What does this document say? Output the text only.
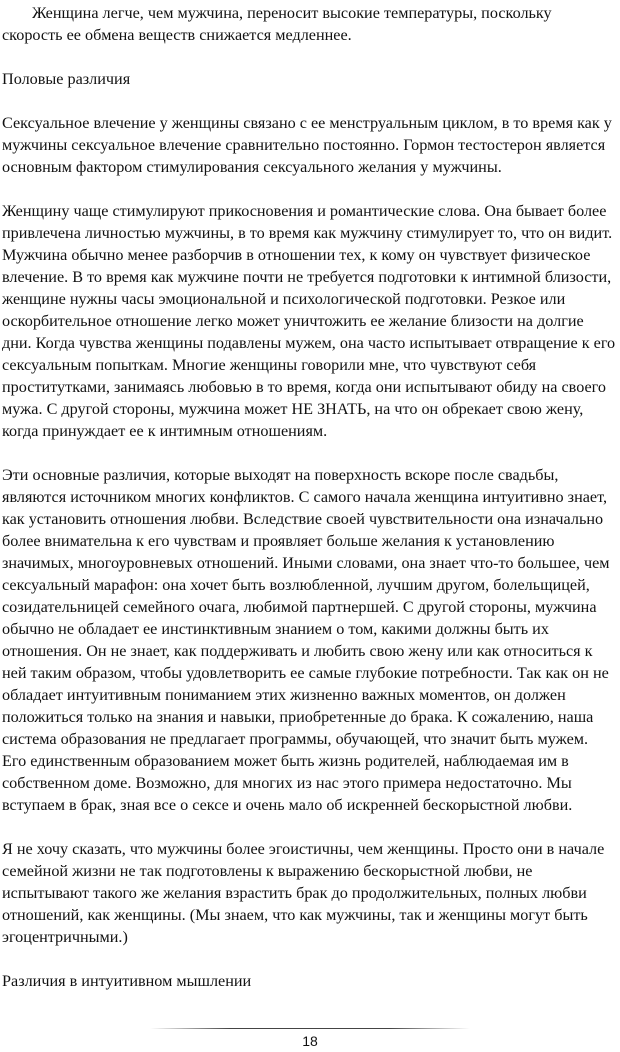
Женщина легче, чем мужчина, переносит высокие температуры, поскольку скорость ее обмена веществ снижается медленнее.

Половые различия

Сексуальное влечение у женщины связано с ее менструальным циклом, в то время как у мужчины сексуальное влечение сравнительно постоянно. Гормон тестостерон является основным фактором стимулирования сексуального желания у мужчины.

Женщину чаще стимулируют прикосновения и романтические слова. Она бывает более привлечена личностью мужчины, в то время как мужчину стимулирует то, что он видит. Мужчина обычно менее разборчив в отношении тех, к кому он чувствует физическое влечение. В то время как мужчине почти не требуется подготовки к интимной близости, женщине нужны часы эмоциональной и психологической подготовки. Резкое или оскорбительное отношение легко может уничтожить ее желание близости на долгие дни. Когда чувства женщины подавлены мужем, она часто испытывает отвращение к его сексуальным попыткам. Многие женщины говорили мне, что чувствуют себя проститутками, занимаясь любовью в то время, когда они испытывают обиду на своего мужа. С другой стороны, мужчина может НЕ ЗНАТЬ, на что он обрекает свою жену, когда принуждает ее к интимным отношениям.

Эти основные различия, которые выходят на поверхность вскоре после свадьбы, являются источником многих конфликтов. С самого начала женщина интуитивно знает, как установить отношения любви. Вследствие своей чувствительности она изначально более внимательна к его чувствам и проявляет больше желания к установлению значимых, многоуровневых отношений. Иными словами, она знает что-то большее, чем сексуальный марафон: она хочет быть возлюбленной, лучшим другом, болельщицей, созидательницей семейного очага, любимой партнершей. С другой стороны, мужчина обычно не обладает ее инстинктивным знанием о том, какими должны быть их отношения. Он не знает, как поддерживать и любить свою жену или как относиться к ней таким образом, чтобы удовлетворить ее самые глубокие потребности. Так как он не обладает интуитивным пониманием этих жизненно важных моментов, он должен положиться только на знания и навыки, приобретенные до брака. К сожалению, наша система образования не предлагает программы, обучающей, что значит быть мужем. Его единственным образованием может быть жизнь родителей, наблюдаемая им в собственном доме. Возможно, для многих из нас этого примера недостаточно. Мы вступаем в брак, зная все о сексе и очень мало об искренней бескорыстной любви.

Я не хочу сказать, что мужчины более эгоистичны, чем женщины. Просто они в начале семейной жизни не так подготовлены к выражению бескорыстной любви, не испытывают такого же желания взрастить брак до продолжительных, полных любви отношений, как женщины. (Мы знаем, что как мужчины, так и женщины могут быть эгоцентричными.)

Различия в интуитивном мышлении

18
